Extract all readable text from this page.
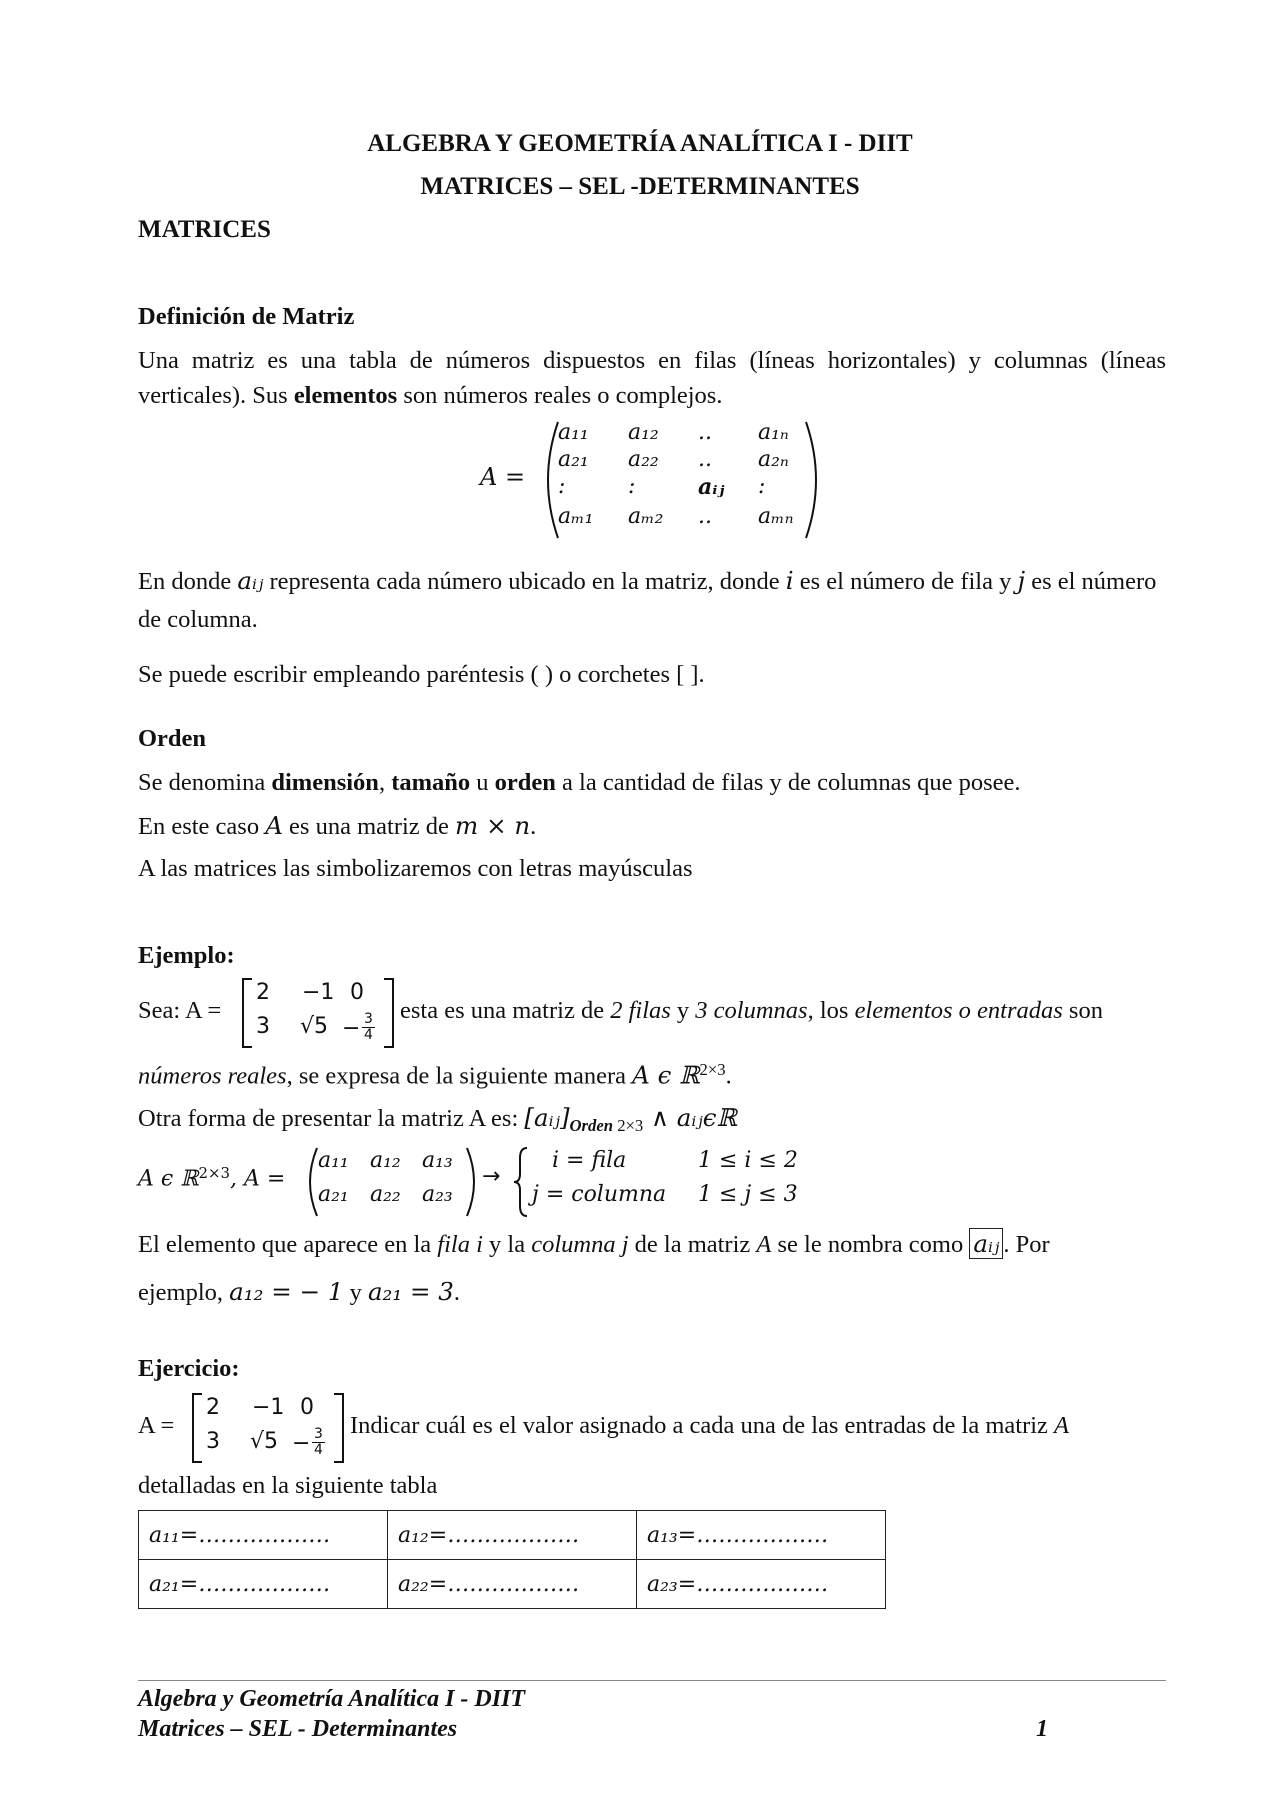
ALGEBRA Y GEOMETRÍA ANALÍTICA I - DIIT
MATRICES – SEL -DETERMINANTES
MATRICES
Definición de Matriz
Una matriz es una tabla de números dispuestos en filas (líneas horizontales) y columnas (líneas verticales). Sus elementos son números reales o complejos.
A =
a₁₁ a₁₂ .. a₁ₙ
a₂₁ a₂₂ .. a₂ₙ
:	:	aᵢⱼ :
aₘ₁ aₘ₂ .. aₘₙ
En donde aᵢⱼ representa cada número ubicado en la matriz, donde i es el número de fila y j es el número de columna.
Se puede escribir empleando paréntesis ( ) o corchetes [ ].
Orden
Se denomina dimensión, tamaño u orden a la cantidad de filas y de columnas que posee.
En este caso A es una matriz de m × n.
A las matrices las simbolizaremos con letras mayúsculas
Ejemplo:
Sea: A =
2 −1 0
3 $√5 - \frac{3}{4}$
esta es una matriz de 2 filas y 3 columnas, los elementos o entradas son
números reales, se expresa de la siguiente manera A ϵ ℝ$^{2\times 3}$.
Otra forma de presentar la matriz A es: $[aᵢⱼ]_{Orden}$ $_{2\times 3}$ ∧ aᵢⱼϵℝ
A ϵ ℝ$^{2\times 3}$, A =
a₁₁ a₁₂ a₁₃
a₂₁ a₂₂ a₂₃
→
i = fila	1 ≤ i ≤ 2
j = columna 1 ≤ j ≤ 3
El elemento que aparece en la fila i y la columna j de la matriz A se le nombra como aᵢⱼ . Por
ejemplo, a₁₂ = − 1 y a₂₁ = 3.
Ejercicio:
A =
2 −1 0
3 $√5 - \frac{3}{4}$
Indicar cuál es el valor asignado a cada una de las entradas de la matriz A
detalladas en la siguiente tabla
a₁₁=………………	a₁₂=………………	a₁₃=………………
a₂₁=………………	a₂₂=………………	a₂₃=………………
Algebra y Geometría Analítica I - DIIT
Matrices – SEL - Determinantes	1
